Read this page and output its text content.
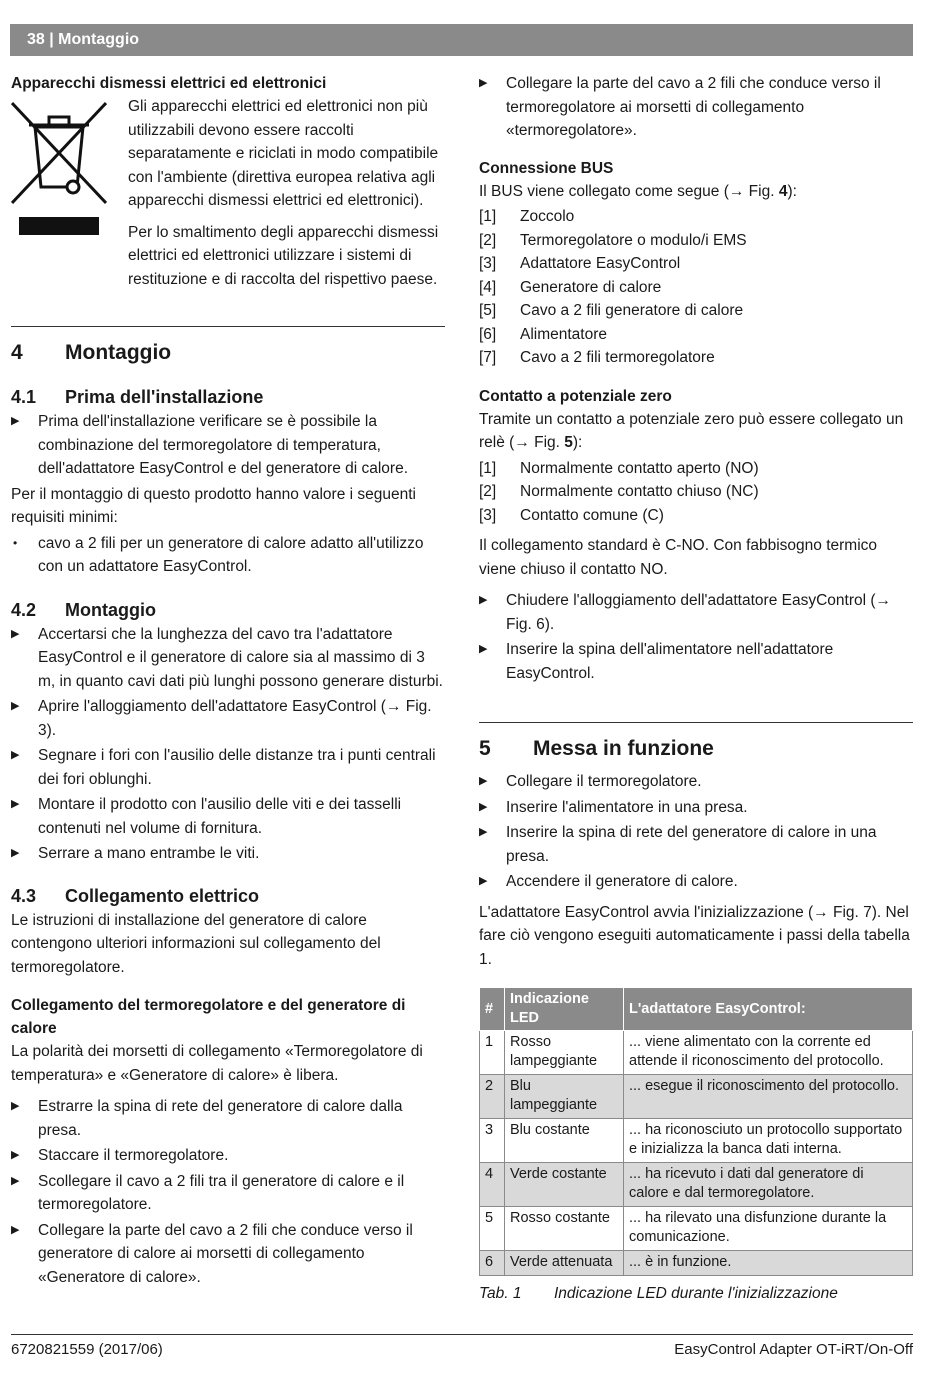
38 | Montaggio
Apparecchi dismessi elettrici ed elettronici

Gli apparecchi elettrici ed elettronici non più utilizzabili devono essere raccolti separatamente e riciclati in modo compatibile con l'ambiente (direttiva europea relativa agli apparecchi dismessi elettrici ed elettronici).

Per lo smaltimento degli apparecchi dismessi elettrici ed elettronici utilizzare i sistemi di restituzione e di raccolta del rispettivo paese.

4	Montaggio
4.1	Prima dell'installazione

▶ Prima dell'installazione verificare se è possibile la combinazione del termoregolatore di temperatura, dell'adattatore EasyControl e del generatore di calore.

Per il montaggio di questo prodotto hanno valore i seguenti requisiti minimi:

• cavo a 2 fili per un generatore di calore adatto all'utilizzo con un adattatore EasyControl.

4.2	Montaggio

▶ Accertarsi che la lunghezza del cavo tra l'adattatore EasyControl e il generatore di calore sia al massimo di 3 m, in quanto cavi dati più lunghi possono generare disturbi.

▶ Aprire l'alloggiamento dell'adattatore EasyControl (→ Fig. 3).

▶ Segnare i fori con l'ausilio delle distanze tra i punti centrali dei fori oblunghi.

▶ Montare il prodotto con l'ausilio delle viti e dei tasselli contenuti nel volume di fornitura.

▶ Serrare a mano entrambe le viti.

4.3	Collegamento elettrico

Le istruzioni di installazione del generatore di calore contengono ulteriori informazioni sul collegamento del termoregolatore.

Collegamento del termoregolatore e del generatore di calore

La polarità dei morsetti di collegamento «Termoregolatore di temperatura» e «Generatore di calore» è libera.

▶ Estrarre la spina di rete del generatore di calore dalla presa.

▶ Staccare il termoregolatore.

▶ Scollegare il cavo a 2 fili tra il generatore di calore e il termoregolatore.

▶ Collegare la parte del cavo a 2 fili che conduce verso il generatore di calore ai morsetti di collegamento «Generatore di calore».

▶ Collegare la parte del cavo a 2 fili che conduce verso il termoregolatore ai morsetti di collegamento «termoregolatore».

Connessione BUS

Il BUS viene collegato come segue (→ Fig. 4):

[1]	Zoccolo
[2]	Termoregolatore o modulo/i EMS
[3]	Adattatore EasyControl
[4]	Generatore di calore
[5]	Cavo a 2 fili generatore di calore
[6]	Alimentatore
[7]	Cavo a 2 fili termoregolatore
Contatto a potenziale zero

Tramite un contatto a potenziale zero può essere collegato un relè (→ Fig. 5):

[1]	Normalmente contatto aperto (NO)
[2]	Normalmente contatto chiuso (NC)
[3]	Contatto comune (C)

Il collegamento standard è C-NO. Con fabbisogno termico viene chiuso il contatto NO.

▶ Chiudere l'alloggiamento dell'adattatore EasyControl (→ Fig. 6).

▶ Inserire la spina dell'alimentatore nell'adattatore EasyControl.

5	Messa in funzione

▶ Collegare il termoregolatore.

▶ Inserire l'alimentatore in una presa.

▶ Inserire la spina di rete del generatore di calore in una presa.

▶ Accendere il generatore di calore.

L'adattatore EasyControl avvia l'inizializzazione (→ Fig. 7). Nel fare ciò vengono eseguiti automaticamente i passi della tabella 1.

#	Indicazione LED	L'adattatore EasyControl:
1	Rosso lampeggiante	... viene alimentato con la corrente ed attende il riconoscimento del protocollo.
2	Blu lampeggiante	... esegue il riconoscimento del protocollo.
3	Blu costante	... ha riconosciuto un protocollo supportato e inizializza la banca dati interna.
4	Verde costante	... ha ricevuto i dati dal generatore di calore e dal termoregolatore.
5	Rosso costante	... ha rilevato una disfunzione durante la comunicazione.
6	Verde attenuata	... è in funzione.
Tab. 1	Indicazione LED durante l'inizializzazione
6720821559 (2017/06)	EasyControl Adapter OT-iRT/On-Off
